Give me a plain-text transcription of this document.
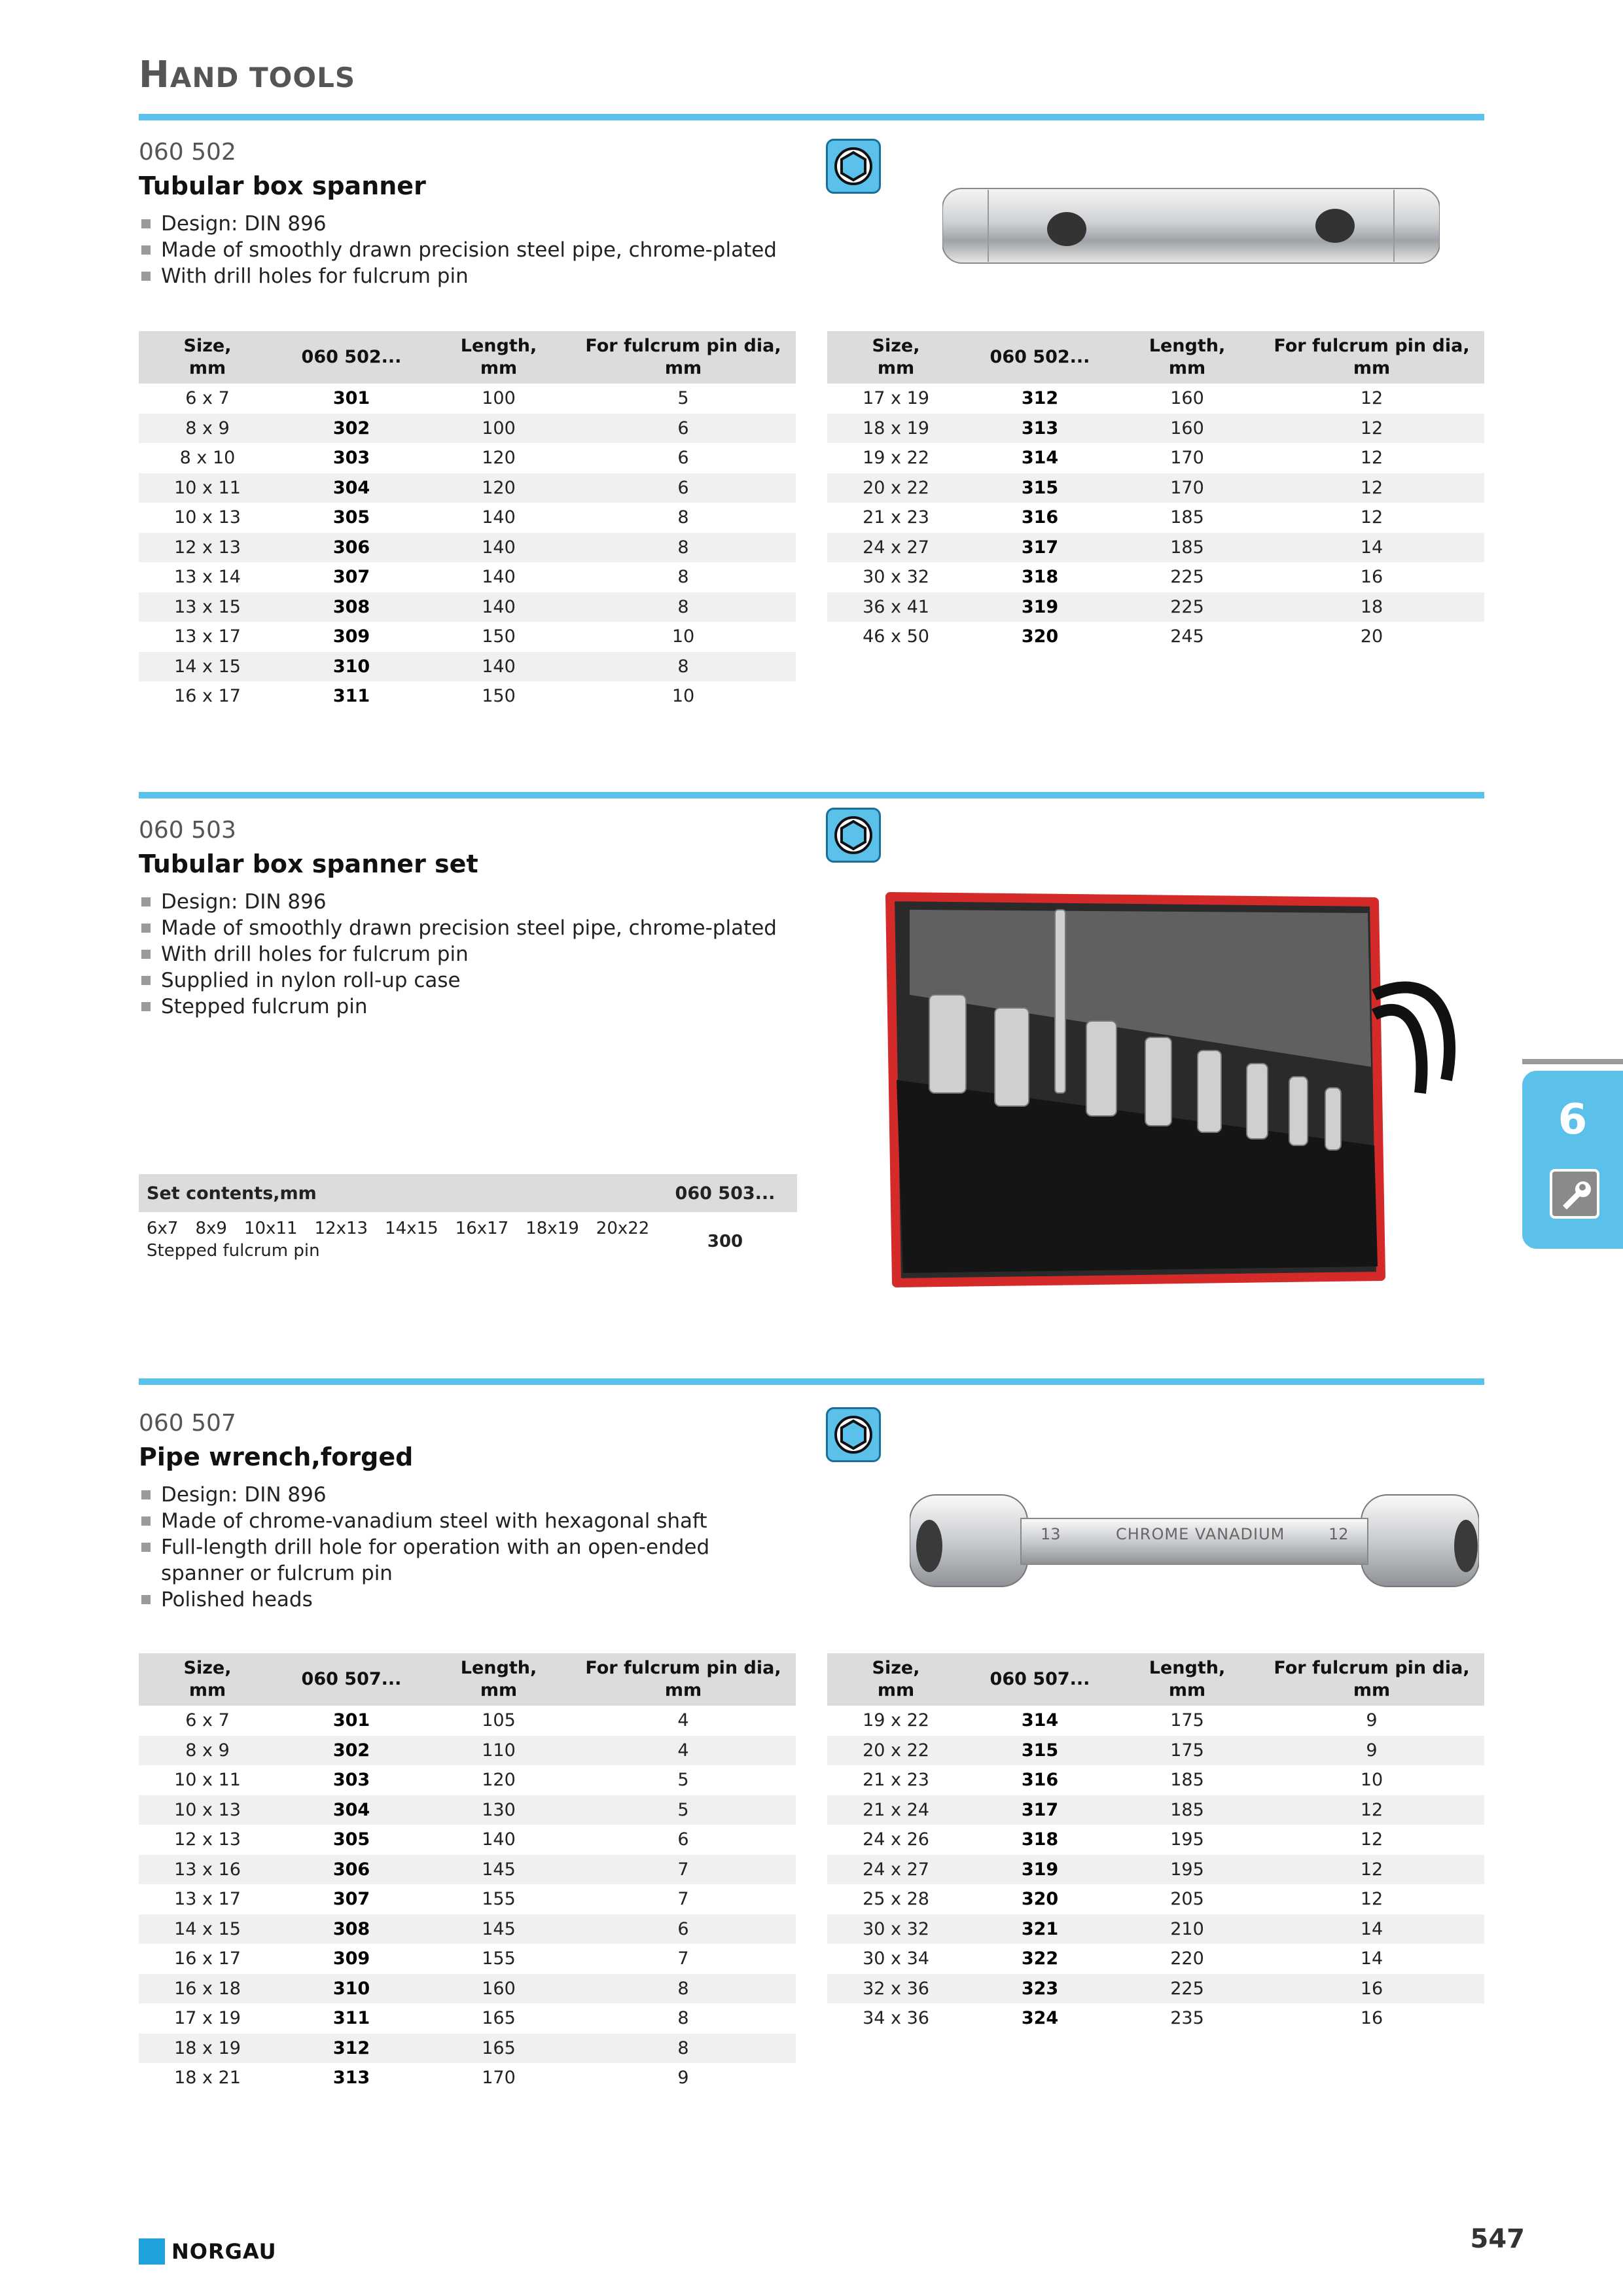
HAND TOOLS
060 502
Tubular box spanner
Design: DIN 896
Made of smoothly drawn precision steel pipe, chrome-plated
With drill holes for fulcrum pin
Size,
mm	060 502...	Length,
mm	For fulcrum pin dia,
mm
6 x 7	301	100	5
8 x 9	302	100	6
8 x 10	303	120	6
10 x 11	304	120	6
10 x 13	305	140	8
12 x 13	306	140	8
13 x 14	307	140	8
13 x 15	308	140	8
13 x 17	309	150	10
14 x 15	310	140	8
16 x 17	311	150	10
Size,
mm	060 502...	Length,
mm	For fulcrum pin dia,
mm
17 x 19	312	160	12
18 x 19	313	160	12
19 x 22	314	170	12
20 x 22	315	170	12
21 x 23	316	185	12
24 x 27	317	185	14
30 x 32	318	225	16
36 x 41	319	225	18
46 x 50	320	245	20
060 503
Tubular box spanner set
Design: DIN 896
Made of smoothly drawn precision steel pipe, chrome-plated
With drill holes for fulcrum pin
Supplied in nylon roll-up case
Stepped fulcrum pin
Set contents,mm	060 503...
6x7 8x9 10x11 12x13 14x15 16x17 18x19 20x22
Stepped fulcrum pin	300
060 507
Pipe wrench,forged
Design: DIN 896
Made of chrome-vanadium steel with hexagonal shaft
Full-length drill hole for operation with an open-ended spanner or fulcrum pin
Polished heads
13	CHROME VANADIUM	12
Size,
mm	060 507...	Length,
mm	For fulcrum pin dia,
mm
6 x 7	301	105	4
8 x 9	302	110	4
10 x 11	303	120	5
10 x 13	304	130	5
12 x 13	305	140	6
13 x 16	306	145	7
13 x 17	307	155	7
14 x 15	308	145	6
16 x 17	309	155	7
16 x 18	310	160	8
17 x 19	311	165	8
18 x 19	312	165	8
18 x 21	313	170	9
Size,
mm	060 507...	Length,
mm	For fulcrum pin dia,
mm
19 x 22	314	175	9
20 x 22	315	175	9
21 x 23	316	185	10
21 x 24	317	185	12
24 x 26	318	195	12
24 x 27	319	195	12
25 x 28	320	205	12
30 x 32	321	210	14
30 x 34	322	220	14
32 x 36	323	225	16
34 x 36	324	235	16
6
NORGAU	547
